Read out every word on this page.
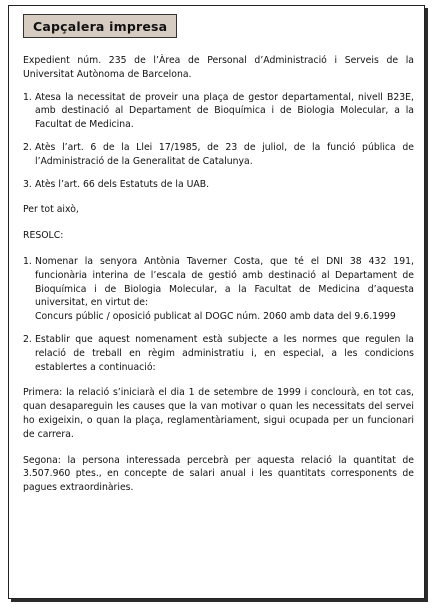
Capçalera impresa

Expedient núm. 235 de l’Àrea de Personal d’Administració i Serveis de la Universitat Autònoma de Barcelona.

1. Atesa la necessitat de proveir una plaça de gestor departamental, nivell B23E, amb destinació al Departament de Bioquímica i de Biologia Molecular, a la Facultat de Medicina.
2. Atès l’art. 6 de la Llei 17/1985, de 23 de juliol, de la funció pública de l’Administració de la Generalitat de Catalunya.
3. Atès l’art. 66 dels Estatuts de la UAB.

Per tot això,

RESOLC:

1. Nomenar la senyora Antònia Taverner Costa, que té el DNI 38 432 191, funcionària interina de l’escala de gestió amb destinació al Departament de Bioquímica i de Biologia Molecular, a la Facultat de Medicina d’aquesta universitat, en virtut de:
Concurs públic / oposició publicat al DOGC núm. 2060 amb data del 9.6.1999
2. Establir que aquest nomenament està subjecte a les normes que regulen la relació de treball en règim administratiu i, en especial, a les condicions establertes a continuació:

Primera: la relació s’iniciarà el dia 1 de setembre de 1999 i conclourà, en tot cas, quan desapareguin les causes que la van motivar o quan les necessitats del servei ho exigeixin, o quan la plaça, reglamentàriament, sigui ocupada per un funcionari de carrera.

Segona: la persona interessada percebrà per aquesta relació la quantitat de 3.507.960 ptes., en concepte de salari anual i les quantitats corresponents de pagues extraordinàries.
